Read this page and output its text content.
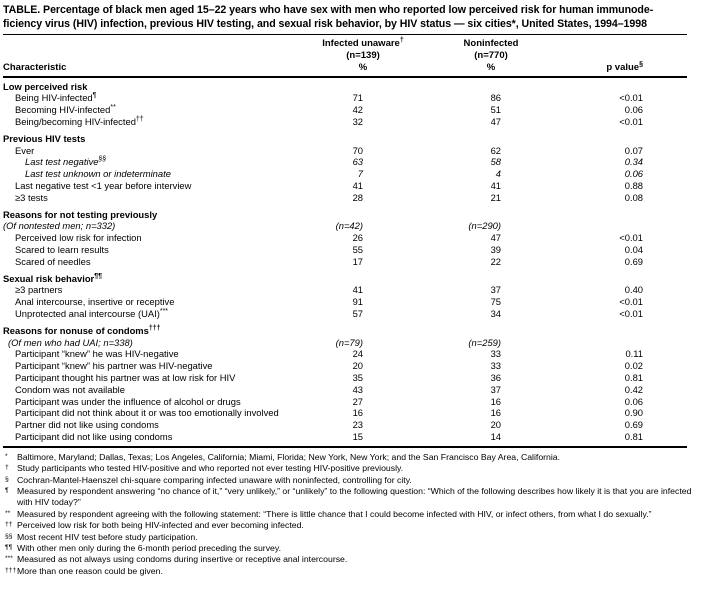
TABLE. Percentage of black men aged 15–22 years who have sex with men who reported low perceived risk for human immunode-
ficiency virus (HIV) infection, previous HIV testing, and sexual risk behavior, by HIV status — six cities*, United States, 1994–1998
Infected unaware†	Noninfected
(n=139)	(n=770)
Characteristic	%	%	p value§
Low perceived risk
Being HIV-infected¶	71	86	<0.01
Becoming HIV-infected**	42	51	0.06
Being/becoming HIV-infected††	32	47	<0.01
Previous HIV tests
Ever	70	62	0.07
Last test negative§§	63	58	0.34
Last test unknown or indeterminate	7	4	0.06
Last negative test <1 year before interview	41	41	0.88
≥3 tests	28	21	0.08
Reasons for not testing previously
(Of nontested men; n=332)	(n=42)	(n=290)
Perceived low risk for infection	26	47	<0.01
Scared to learn results	55	39	0.04
Scared of needles	17	22	0.69
Sexual risk behavior¶¶
≥3 partners	41	37	0.40
Anal intercourse, insertive or receptive	91	75	<0.01
Unprotected anal intercourse (UAI)***	57	34	<0.01
Reasons for nonuse of condoms†††
(Of men who had UAI; n=338)	(n=79)	(n=259)
Participant “knew” he was HIV-negative	24	33	0.11
Participant “knew” his partner was HIV-negative	20	33	0.02
Participant thought his partner was at low risk for HIV	35	36	0.81
Condom was not available	43	37	0.42
Participant was under the influence of alcohol or drugs	27	16	0.06
Participant did not think about it or was too emotionally involved	16	16	0.90
Partner did not like using condoms	23	20	0.69
Participant did not like using condoms	15	14	0.81
*	Baltimore, Maryland; Dallas, Texas; Los Angeles, California; Miami, Florida; New York, New York; and the San Francisco Bay Area, California.
† Study participants who tested HIV-positive and who reported not ever testing HIV-positive previously.
§ Cochran-Mantel-Haenszel chi-square comparing infected unaware with noninfected, controlling for city.
¶ Measured by respondent answering “no chance of it,” “very unlikely,” or “unlikely” to the following question: “Which of the following describes how likely it is that you are infected with HIV today?”
** Measured by respondent agreeing with the following statement: “There is little chance that I could become infected with HIV, or infect others, from what I do sexually.”
†† Perceived low risk for both being HIV-infected and ever becoming infected.
§§ Most recent HIV test before study participation.
¶¶ With other men only during the 6-month period preceding the survey.
*** Measured as not always using condoms during insertive or receptive anal intercourse.
††† More than one reason could be given.
